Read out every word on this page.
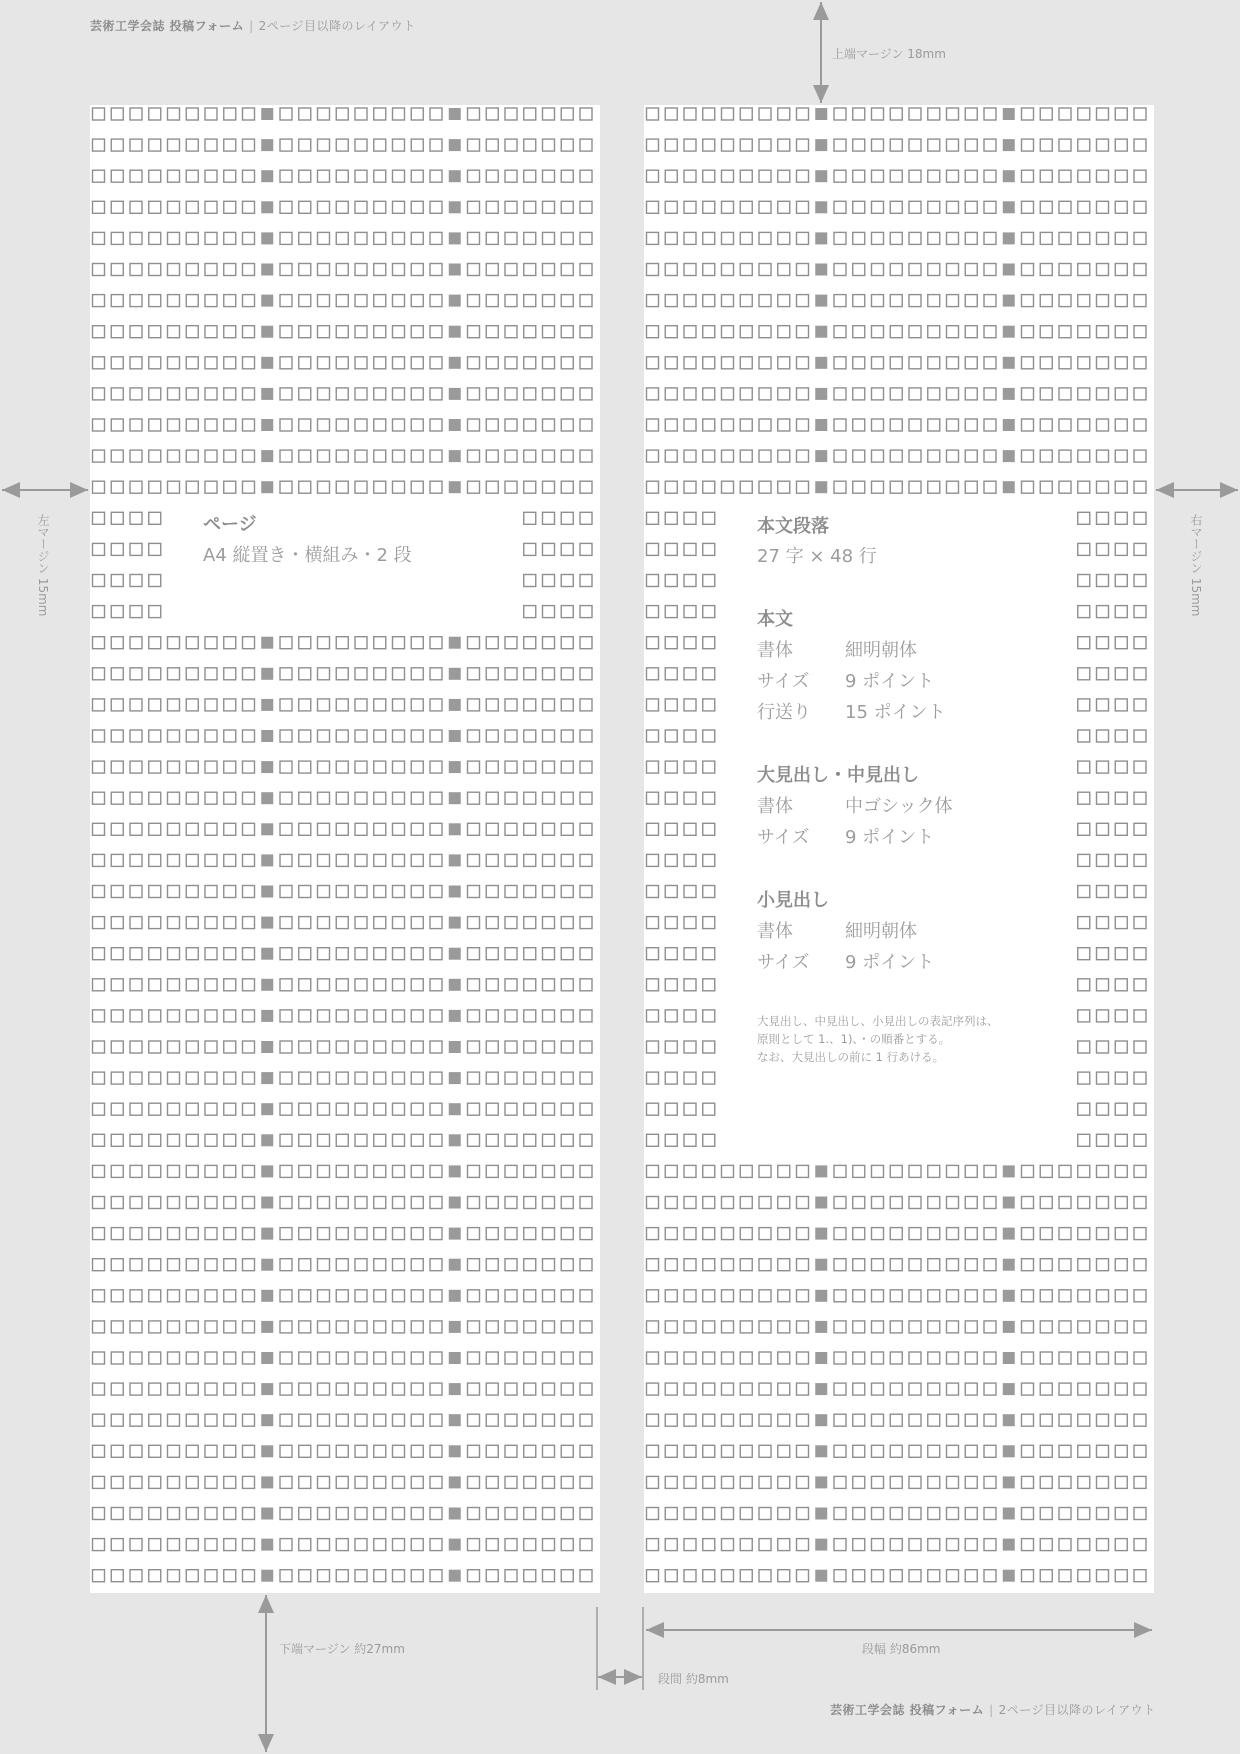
芸術工学会誌 投稿フォーム | 2ページ目以降のレイアウト
ページ
A4 縦置き・横組み・2 段
本文段落
27 字 × 48 行
本文
書体	細明朝体
サイズ 9 ポイント
行送り 15 ポイント
大見出し・中見出し
書体	中ゴシック体
サイズ 9 ポイント
小見出し
書体	細明朝体
サイズ 9 ポイント
大見出し、中見出し、小見出しの表記序列は、
原則として 1.、1)、・の順番とする。
なお、大見出しの前に 1 行あける。
上端マージン 18mm
左マージン 15mm	右マージン 15mm
下端マージン 約27mm
段間 約8mm
段幅 約86mm
芸術工学会誌 投稿フォーム | 2ページ目以降のレイアウト
